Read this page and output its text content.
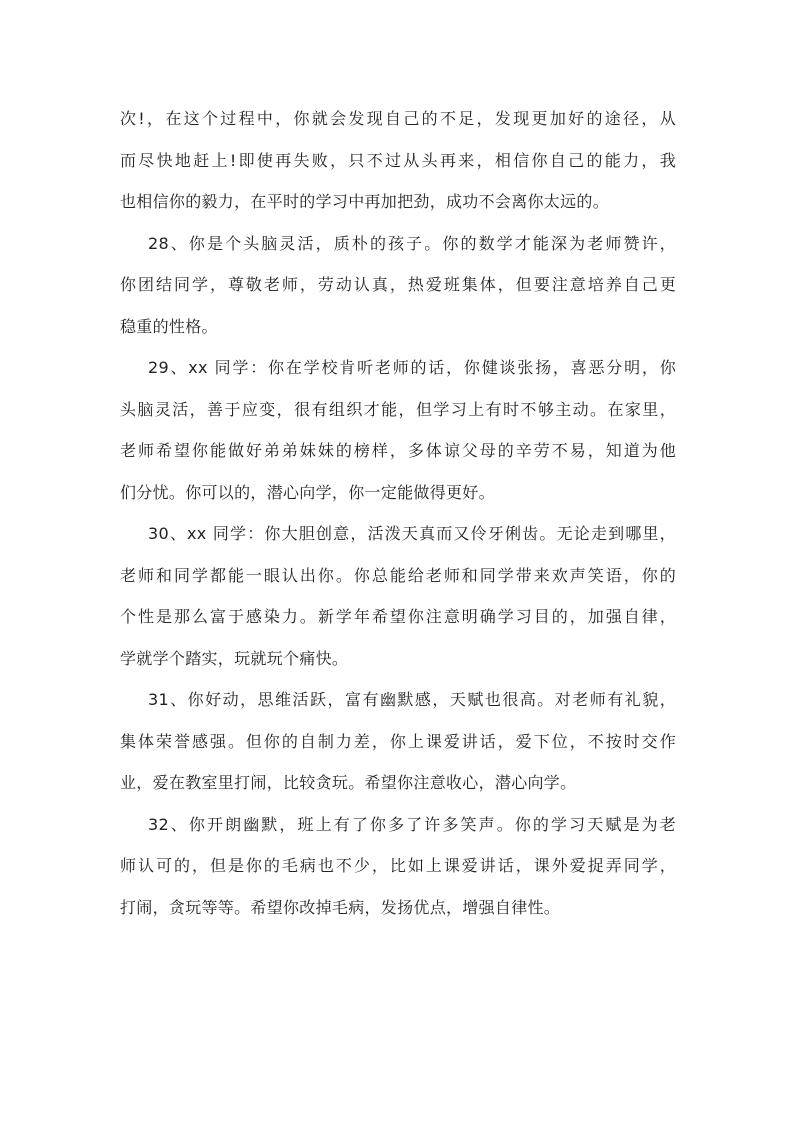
次!，在这个过程中，你就会发现自己的不足，发现更加好的途径，从
而尽快地赶上!即使再失败，只不过从头再来，相信你自己的能力，我
也相信你的毅力，在平时的学习中再加把劲，成功不会离你太远的。
28、你是个头脑灵活，质朴的孩子。你的数学才能深为老师赞许，
你团结同学，尊敬老师，劳动认真，热爱班集体，但要注意培养自己更
稳重的性格。
29、xx 同学：你在学校肯听老师的话，你健谈张扬，喜恶分明，你
头脑灵活，善于应变，很有组织才能，但学习上有时不够主动。在家里，
老师希望你能做好弟弟妹妹的榜样，多体谅父母的辛劳不易，知道为他
们分忧。你可以的，潜心向学，你一定能做得更好。
30、xx 同学：你大胆创意，活泼天真而又伶牙俐齿。无论走到哪里，
老师和同学都能一眼认出你。你总能给老师和同学带来欢声笑语，你的
个性是那么富于感染力。新学年希望你注意明确学习目的，加强自律，
学就学个踏实，玩就玩个痛快。
31、你好动，思维活跃，富有幽默感，天赋也很高。对老师有礼貌，
集体荣誉感强。但你的自制力差，你上课爱讲话，爱下位，不按时交作
业，爱在教室里打闹，比较贪玩。希望你注意收心，潜心向学。
32、你开朗幽默，班上有了你多了许多笑声。你的学习天赋是为老
师认可的，但是你的毛病也不少，比如上课爱讲话，课外爱捉弄同学，
打闹，贪玩等等。希望你改掉毛病，发扬优点，增强自律性。
